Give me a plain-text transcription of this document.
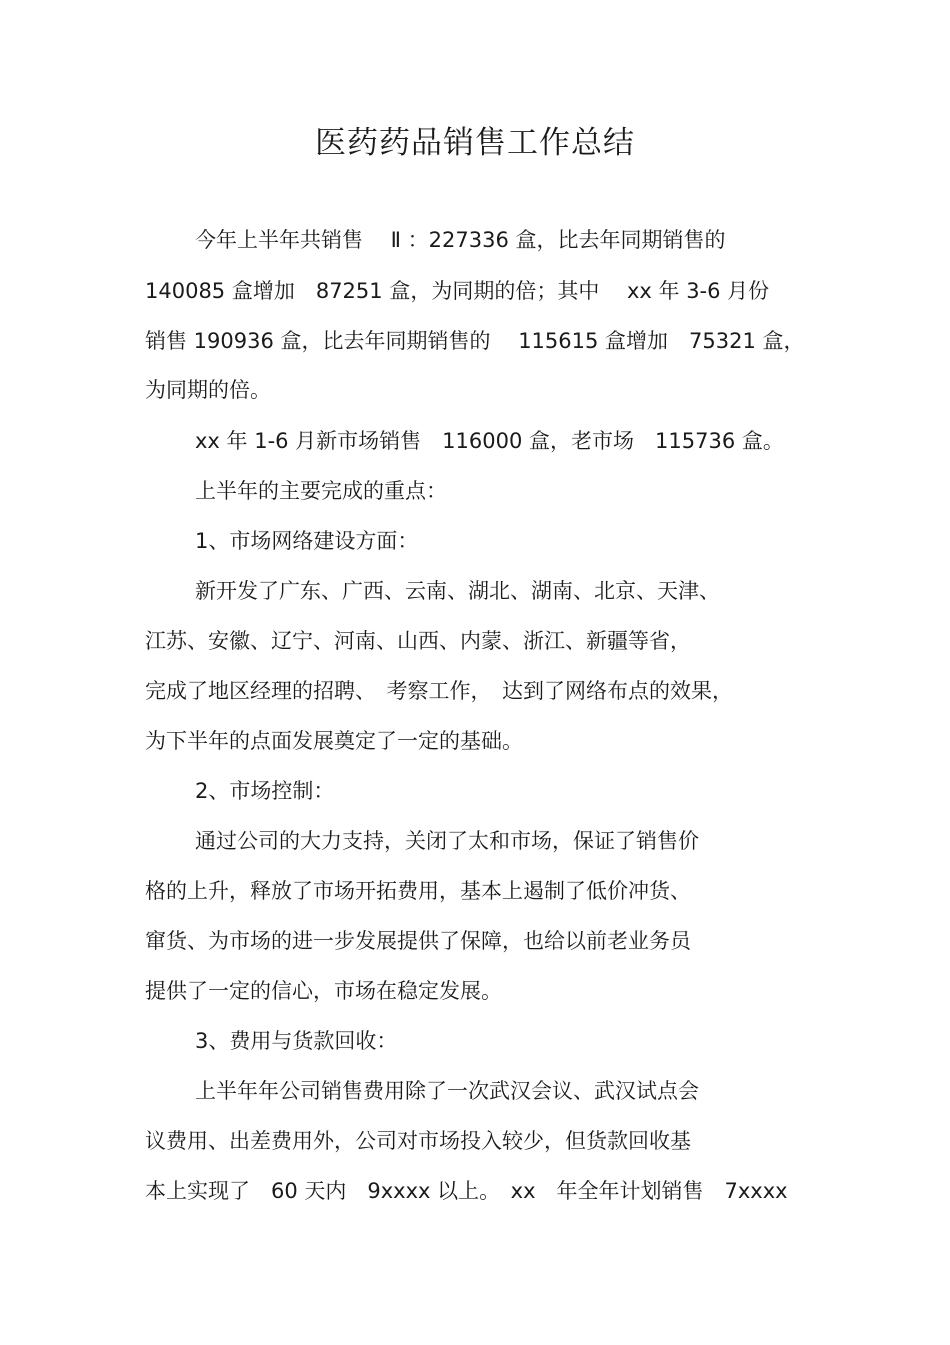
医药药品销售工作总结
今年上半年共销售　 Ⅱ ：227336 盒，比去年同期销售的
140085 盒增加　87251 盒，为同期的倍；其中　 xx 年 3-6 月份
销售 190936 盒，比去年同期销售的　 115615 盒增加　75321 盒，
为同期的倍。
xx 年 1-6 月新市场销售　116000 盒，老市场　115736 盒。
上半年的主要完成的重点：
1、市场网络建设方面：
新开发了广东、广西、云南、湖北、湖南、北京、天津、
江苏、安徽、辽宁、河南、山西、内蒙、浙江、新疆等省，
完成了地区经理的招聘、　考察工作，　达到了网络布点的效果，
为下半年的点面发展奠定了一定的基础。
2、市场控制：
通过公司的大力支持，关闭了太和市场，保证了销售价
格的上升，释放了市场开拓费用，基本上遏制了低价冲货、
窜货、为市场的进一步发展提供了保障，也给以前老业务员
提供了一定的信心，市场在稳定发展。
3、费用与货款回收：
上半年年公司销售费用除了一次武汉会议、武汉试点会
议费用、出差费用外，公司对市场投入较少，但货款回收基
本上实现了　60 天内　9xxxx 以上。　xx　年全年计划销售　7xxxx
